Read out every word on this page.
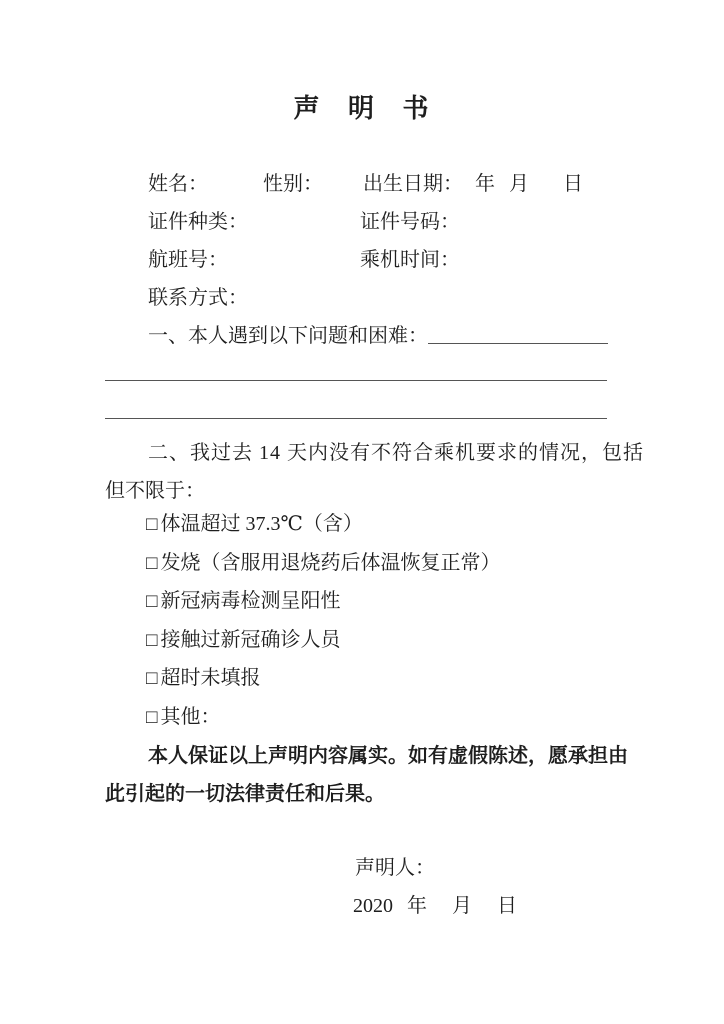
声 明 书
姓名：	性别： 出生日期： 年 月 日
证件种类：	证件号码：
航班号：	乘机时间：
联系方式：
一、本人遇到以下问题和困难：
二、我过去 14 天内没有不符合乘机要求的情况，包括
但不限于：
□ 体温超过 37.3℃（含）
□ 发烧（含服用退烧药后体温恢复正常）
□ 新冠病毒检测呈阳性
□ 接触过新冠确诊人员
□ 超时未填报
□ 其他：
本人保证以上声明内容属实。如有虚假陈述，愿承担由
此引起的一切法律责任和后果。
声明人：
2020 年 月 日
